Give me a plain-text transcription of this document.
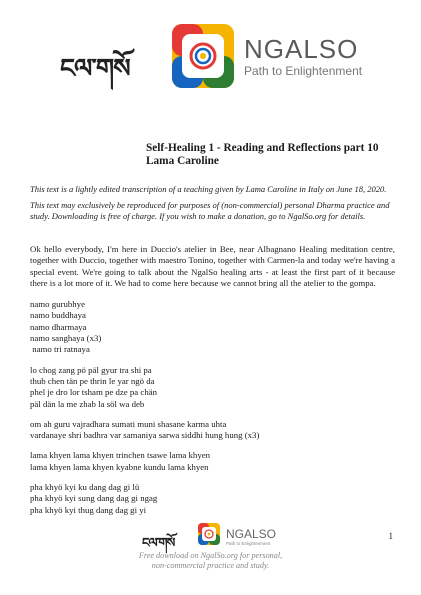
ངལ་གསོ
NGALSO
Path to Enlightenment
Self-Healing 1 - Reading and Reflections part 10
Lama Caroline

This text is a lightly edited transcription of a teaching given by Lama Caroline in Italy on June 18, 2020.

This text may exclusively be reproduced for purposes of (non-commercial) personal Dharma practice and study. Downloading is free of charge. If you wish to make a donation, go to NgalSo.org for details.

Ok hello everybody, I'm here in Duccio's atelier in Bee, near Albagnano Healing meditation centre, together with Duccio, together with maestro Tonino, together with Carmen-la and today we're having a special event. We're going to talk about the NgalSo healing arts - at least the first part of it because there is a lot more of it. We had to come here because we cannot bring all the atelier to the gompa.

namo gurubhye
namo buddhaya
namo dharmaya
namo sanghaya (x3)
namo tri ratnaya
lo chog zang pö päl gyur tra shi pa
thub chen tän pe thrin le yar ngö da
phel je dro lor tsham pe dze pa chän
päl dän la me zhab la söl wa deb
om ah guru vajradhara sumati muni shasane karma uhta
vardanaye shri badhra var samaniya sarwa siddhi hung hung (x3)
lama khyen lama khyen trinchen tsawe lama khyen
lama khyen lama khyen kyabne kundu lama khyen
pha khyö kyi ku dang dag gi lü
pha khyö kyi sung dang dag gi ngag
pha khyö kyi thug dang dag gi yi
1
ངལ་གསོ
NGALSO
Path to Enlightenment
Free download on NgalSo.org for personal,
non-commercial practice and study.
